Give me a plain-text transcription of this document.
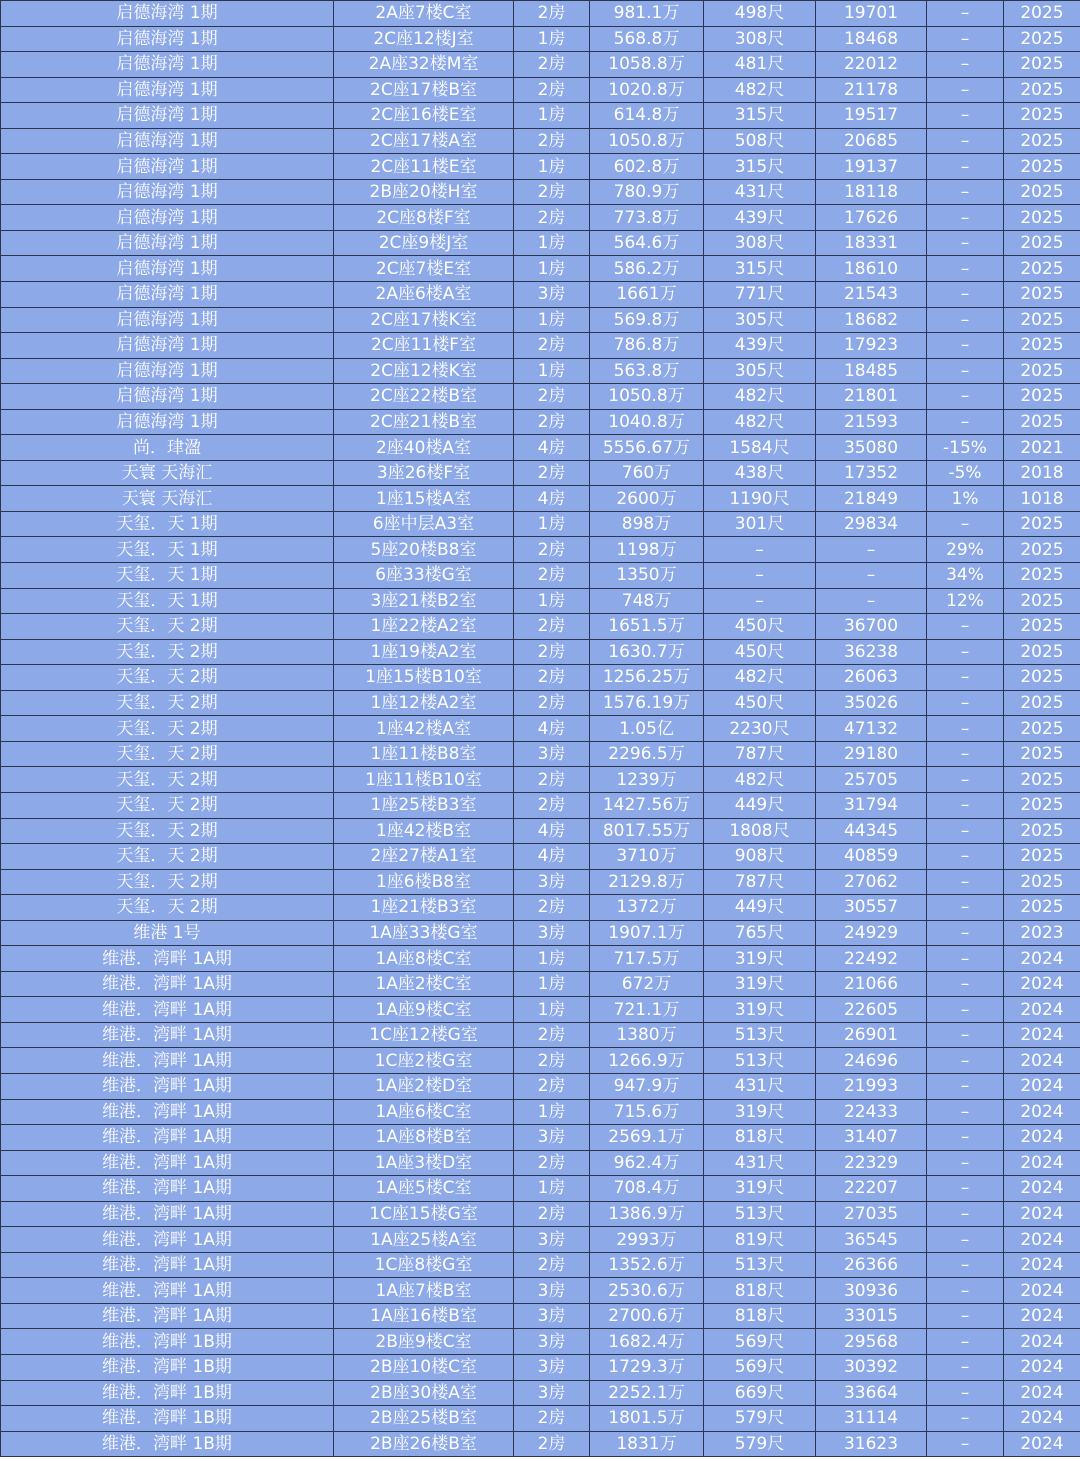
启德海湾 1期	2A座7楼C室	2房	981.1万	498尺	19701	–	2025
启德海湾 1期	2C座12楼J室	1房	568.8万	308尺	18468	–	2025
启德海湾 1期	2A座32楼M室	2房	1058.8万	481尺	22012	–	2025
启德海湾 1期	2C座17楼B室	2房	1020.8万	482尺	21178	–	2025
启德海湾 1期	2C座16楼E室	1房	614.8万	315尺	19517	–	2025
启德海湾 1期	2C座17楼A室	2房	1050.8万	508尺	20685	–	2025
启德海湾 1期	2C座11楼E室	1房	602.8万	315尺	19137	–	2025
启德海湾 1期	2B座20楼H室	2房	780.9万	431尺	18118	–	2025
启德海湾 1期	2C座8楼F室	2房	773.8万	439尺	17626	–	2025
启德海湾 1期	2C座9楼J室	1房	564.6万	308尺	18331	–	2025
启德海湾 1期	2C座7楼E室	1房	586.2万	315尺	18610	–	2025
启德海湾 1期	2A座6楼A室	3房	1661万	771尺	21543	–	2025
启德海湾 1期	2C座17楼K室	1房	569.8万	305尺	18682	–	2025
启德海湾 1期	2C座11楼F室	2房	786.8万	439尺	17923	–	2025
启德海湾 1期	2C座12楼K室	1房	563.8万	305尺	18485	–	2025
启德海湾 1期	2C座22楼B室	2房	1050.8万	482尺	21801	–	2025
启德海湾 1期	2C座21楼B室	2房	1040.8万	482尺	21593	–	2025
尚．珒溋	2座40楼A室	4房	5556.67万	1584尺	35080	-15%	2021
天寰 天海汇	3座26楼F室	2房	760万	438尺	17352	-5%	2018
天寰 天海汇	1座15楼A室	4房	2600万	1190尺	21849	1%	1018
天玺．天 1期	6座中层A3室	1房	898万	301尺	29834	–	2025
天玺．天 1期	5座20楼B8室	2房	1198万	–	–	29%	2025
天玺．天 1期	6座33楼G室	2房	1350万	–	–	34%	2025
天玺．天 1期	3座21楼B2室	1房	748万	–	–	12%	2025
天玺．天 2期	1座22楼A2室	2房	1651.5万	450尺	36700	–	2025
天玺．天 2期	1座19楼A2室	2房	1630.7万	450尺	36238	–	2025
天玺．天 2期	1座15楼B10室	2房	1256.25万	482尺	26063	–	2025
天玺．天 2期	1座12楼A2室	2房	1576.19万	450尺	35026	–	2025
天玺．天 2期	1座42楼A室	4房	1.05亿	2230尺	47132	–	2025
天玺．天 2期	1座11楼B8室	3房	2296.5万	787尺	29180	–	2025
天玺．天 2期	1座11楼B10室	2房	1239万	482尺	25705	–	2025
天玺．天 2期	1座25楼B3室	2房	1427.56万	449尺	31794	–	2025
天玺．天 2期	1座42楼B室	4房	8017.55万	1808尺	44345	–	2025
天玺．天 2期	2座27楼A1室	4房	3710万	908尺	40859	–	2025
天玺．天 2期	1座6楼B8室	3房	2129.8万	787尺	27062	–	2025
天玺．天 2期	1座21楼B3室	2房	1372万	449尺	30557	–	2025
维港 1号	1A座33楼G室	3房	1907.1万	765尺	24929	–	2023
维港．湾畔 1A期	1A座8楼C室	1房	717.5万	319尺	22492	–	2024
维港．湾畔 1A期	1A座2楼C室	1房	672万	319尺	21066	–	2024
维港．湾畔 1A期	1A座9楼C室	1房	721.1万	319尺	22605	–	2024
维港．湾畔 1A期	1C座12楼G室	2房	1380万	513尺	26901	–	2024
维港．湾畔 1A期	1C座2楼G室	2房	1266.9万	513尺	24696	–	2024
维港．湾畔 1A期	1A座2楼D室	2房	947.9万	431尺	21993	–	2024
维港．湾畔 1A期	1A座6楼C室	1房	715.6万	319尺	22433	–	2024
维港．湾畔 1A期	1A座8楼B室	3房	2569.1万	818尺	31407	–	2024
维港．湾畔 1A期	1A座3楼D室	2房	962.4万	431尺	22329	–	2024
维港．湾畔 1A期	1A座5楼C室	1房	708.4万	319尺	22207	–	2024
维港．湾畔 1A期	1C座15楼G室	2房	1386.9万	513尺	27035	–	2024
维港．湾畔 1A期	1A座25楼A室	3房	2993万	819尺	36545	–	2024
维港．湾畔 1A期	1C座8楼G室	2房	1352.6万	513尺	26366	–	2024
维港．湾畔 1A期	1A座7楼B室	3房	2530.6万	818尺	30936	–	2024
维港．湾畔 1A期	1A座16楼B室	3房	2700.6万	818尺	33015	–	2024
维港．湾畔 1B期	2B座9楼C室	3房	1682.4万	569尺	29568	–	2024
维港．湾畔 1B期	2B座10楼C室	3房	1729.3万	569尺	30392	–	2024
维港．湾畔 1B期	2B座30楼A室	3房	2252.1万	669尺	33664	–	2024
维港．湾畔 1B期	2B座25楼B室	2房	1801.5万	579尺	31114	–	2024
维港．湾畔 1B期	2B座26楼B室	2房	1831万	579尺	31623	–	2024
